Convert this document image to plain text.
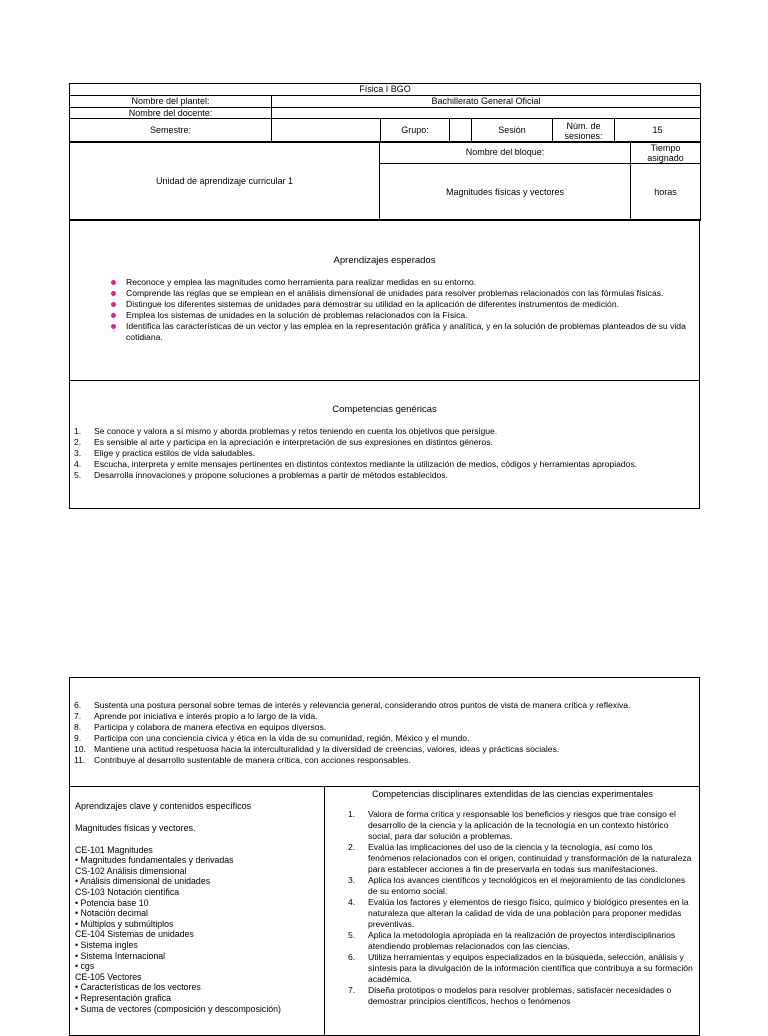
Física I BGO						
Nombre del plantel:	Bachillerato General Oficial					
Nombre del docente:						
Semestre:		Grupo:		Sesión	Núm. de sesiones:	15
Unidad de aprendizaje curricular 1	Nombre del bloque:	Tiempo asignado
	Magnitudes físicas y vectores	horas
Aprendizajes esperados
Reconoce y emplea las magnitudes como herramienta para realizar medidas en su entorno.
Comprende las reglas que se emplean en el análisis dimensional de unidades para resolver problemas relacionados con las fórmulas físicas.
Distingue los diferentes sistemas de unidades para demostrar su utilidad en la aplicación de diferentes instrumentos de medición.
Emplea los sistemas de unidades en la solución de problemas relacionados con la Física.
Identifica las características de un vector y las emplea en la representación gráfica y analítica, y en la solución de problemas planteados de su vida cotidiana.
Competencias genéricas
1.	Se conoce y valora a sí mismo y aborda problemas y retos teniendo en cuenta los objetivos que persigue.
2.	Es sensible al arte y participa en la apreciación e interpretación de sus expresiones en distintos géneros.
3.	Elige y practica estilos de vida saludables.
4.	Escucha, interpreta y emite mensajes pertinentes en distintos contextos mediante la utilización de medios, códigos y herramientas apropiados.
5.	Desarrolla innovaciones y propone soluciones a problemas a partir de métodos establecidos.
6.	Sustenta una postura personal sobre temas de interés y relevancia general, considerando otros puntos de vista de manera crítica y reflexiva.
7.	Aprende por iniciativa e interés propio a lo largo de la vida.
8.	Participa y colabora de manera efectiva en equipos diversos.
9.	Participa con una conciencia cívica y ética en la vida de su comunidad, región, México y el mundo.
10. Mantiene una actitud respetuosa hacia la interculturalidad y la diversidad de creencias, valores, ideas y prácticas sociales.
11.	Contribuye al desarrollo sustentable de manera crítica, con acciones responsables.
Aprendizajes clave y contenidos específicos
Magnitudes físicas y vectores.
CE-101 Magnitudes
• Magnitudes fundamentales y derivadas
CS-102 Análisis dimensional
• Análisis dimensional de unidades
CS-103 Notación científica
• Potencia base 10
• Notación decimal
• Múltiplos y submúltiplos
CE-104 Sistemas de unidades
• Sistema ingles
• Sistema Internacional
• cgs
CE-105 Vectores
• Características de los vectores
• Representación grafica
• Suma de vectores (composición y descomposición)
Competencias disciplinares extendidas de las ciencias experimentales
1.	Valora de forma crítica y responsable los beneficios y riesgos que trae consigo el desarrollo de la ciencia y la aplicación de la tecnología en un contexto histórico social, para dar solución a problemas.
2.	Evalúa las implicaciones del uso de la ciencia y la tecnología, así como los fenómenos relacionados con el origen, continuidad y transformación de la naturaleza para establecer acciones a fin de preservarla en todas sus manifestaciones.
3.	Aplica los avances científicos y tecnológicos en el mejoramiento de las condiciones de su entorno social.
4.	Evalúa los factores y elementos de riesgo físico, químico y biológico presentes en la naturaleza que alteran la calidad de vida de una población para proponer medidas preventivas.
5.	Aplica la metodología apropiada en la realización de proyectos interdisciplinarios atendiendo problemas relacionados con las ciencias.
6.	Utiliza herramientas y equipos especializados en la búsqueda, selección, análisis y síntesis para la divulgación de la información científica que contribuya a su formación académica.
7.	Diseña prototipos o modelos para resolver problemas, satisfacer necesidades o demostrar principios científicos, hechos o fenómenos
